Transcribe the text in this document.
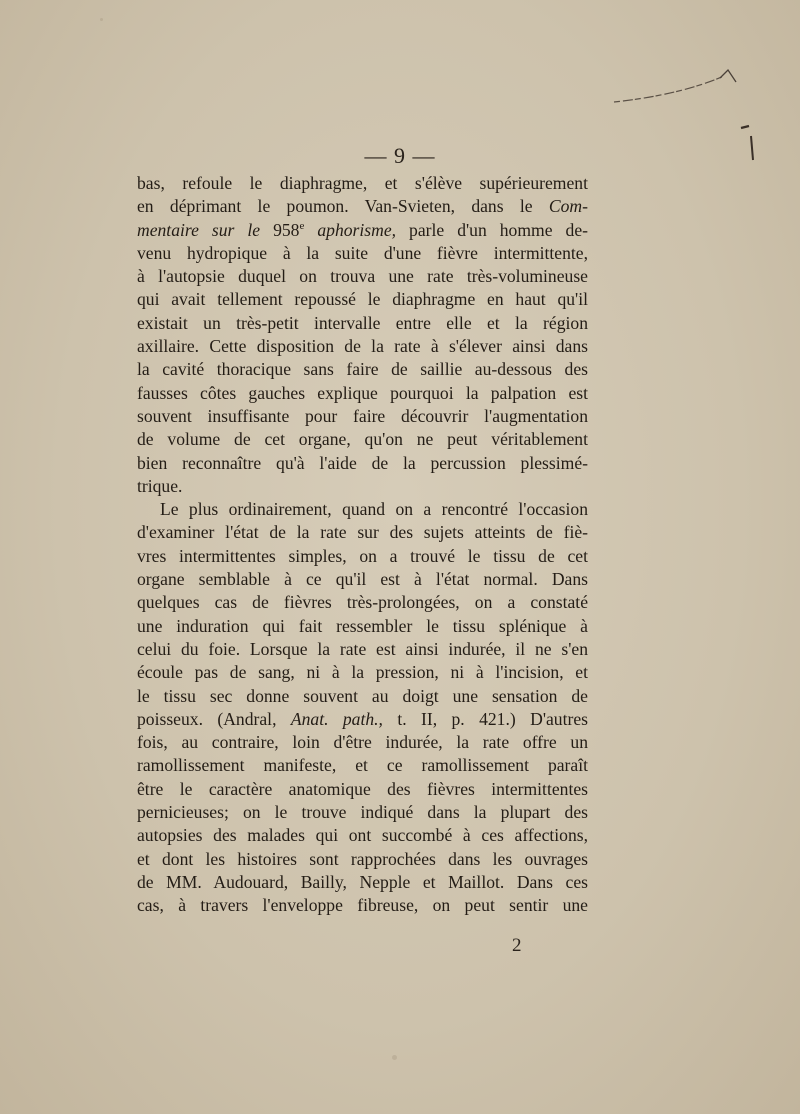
— 9 —
bas, refoule le diaphragme, et s'élève supérieurement
en déprimant le poumon. Van-Svieten, dans le Com-
mentaire sur le 958e aphorisme, parle d'un homme de-
venu hydropique à la suite d'une fièvre intermittente,
à l'autopsie duquel on trouva une rate très-volumineuse
qui avait tellement repoussé le diaphragme en haut qu'il
existait un très-petit intervalle entre elle et la région
axillaire. Cette disposition de la rate à s'élever ainsi dans
la cavité thoracique sans faire de saillie au-dessous des
fausses côtes gauches explique pourquoi la palpation est
souvent insuffisante pour faire découvrir l'augmentation
de volume de cet organe, qu'on ne peut véritablement
bien reconnaître qu'à l'aide de la percussion plessimé-
trique.
Le plus ordinairement, quand on a rencontré l'occasion
d'examiner l'état de la rate sur des sujets atteints de fiè-
vres intermittentes simples, on a trouvé le tissu de cet
organe semblable à ce qu'il est à l'état normal. Dans
quelques cas de fièvres très-prolongées, on a constaté
une induration qui fait ressembler le tissu splénique à
celui du foie. Lorsque la rate est ainsi indurée, il ne s'en
écoule pas de sang, ni à la pression, ni à l'incision, et
le tissu sec donne souvent au doigt une sensation de
poisseux. (Andral, Anat. path., t. II, p. 421.) D'autres
fois, au contraire, loin d'être indurée, la rate offre un
ramollissement manifeste, et ce ramollissement paraît
être le caractère anatomique des fièvres intermittentes
pernicieuses; on le trouve indiqué dans la plupart des
autopsies des malades qui ont succombé à ces affections,
et dont les histoires sont rapprochées dans les ouvrages
de MM. Audouard, Bailly, Nepple et Maillot. Dans ces
cas, à travers l'enveloppe fibreuse, on peut sentir une
2
